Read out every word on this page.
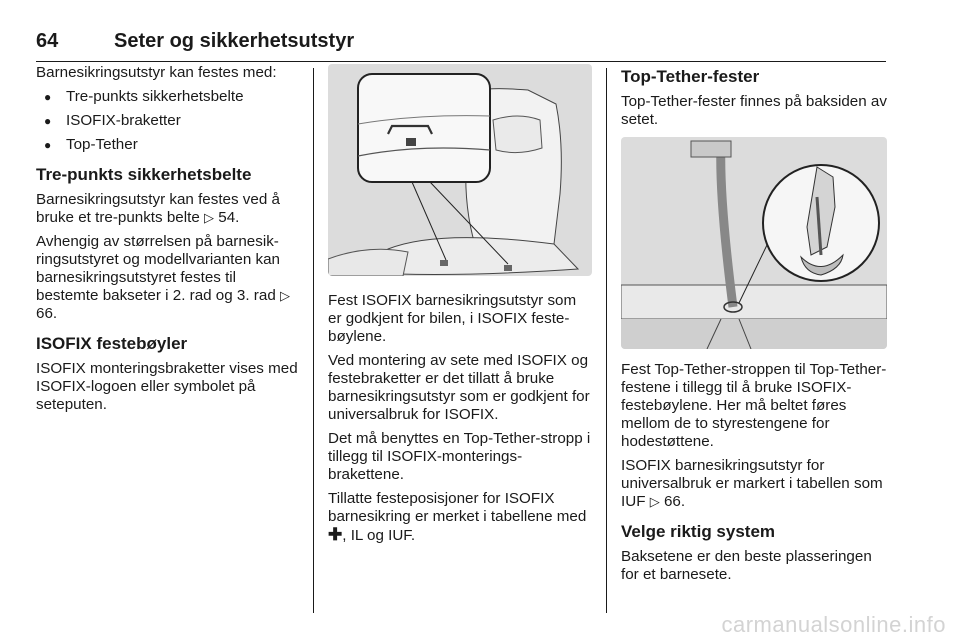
64	Seter og sikkerhetsutstyr

Barnesikringsutstyr kan festes med:

● Tre-punkts sikkerhetsbelte
● ISOFIX-braketter
● Top-Tether
Tre-punkts sikkerhetsbelte

Barnesikringsutstyr kan festes ved å bruke et tre-punkts belte ▷ 54.

Avhengig av størrelsen på barnesik-ringsutstyret og modellvarianten kan barnesikringsutstyret festes til bestemte bakseter i 2. rad og 3. rad ▷ 66.

ISOFIX festebøyler

ISOFIX monteringsbraketter vises med ISOFIX-logoen eller symbolet på seteputen.

Fest ISOFIX barnesikringsutstyr som er godkjent for bilen, i ISOFIX feste-bøylene.

Ved montering av sete med ISOFIX og festebraketter er det tillatt å bruke barnesikringsutstyr som er godkjent for universalbruk for ISOFIX.

Det må benyttes en Top-Tether-stropp i tillegg til ISOFIX-monterings-brakettene.

Tillatte festeposisjoner for ISOFIX barnesikring er merket i tabellene med ✚, IL og IUF.

Top-Tether-fester

Top-Tether-fester finnes på baksiden av setet.

Fest Top-Tether-stroppen til Top-Tether-festene i tillegg til å bruke ISOFIX-festebøylene. Her må beltet føres mellom de to styrestengene for hodestøttene.

ISOFIX barnesikringsutstyr for universalbruk er markert i tabellen som IUF ▷ 66.

Velge riktig system

Baksetene er den beste plasseringen for et barnesete.

carmanualsonline.info
